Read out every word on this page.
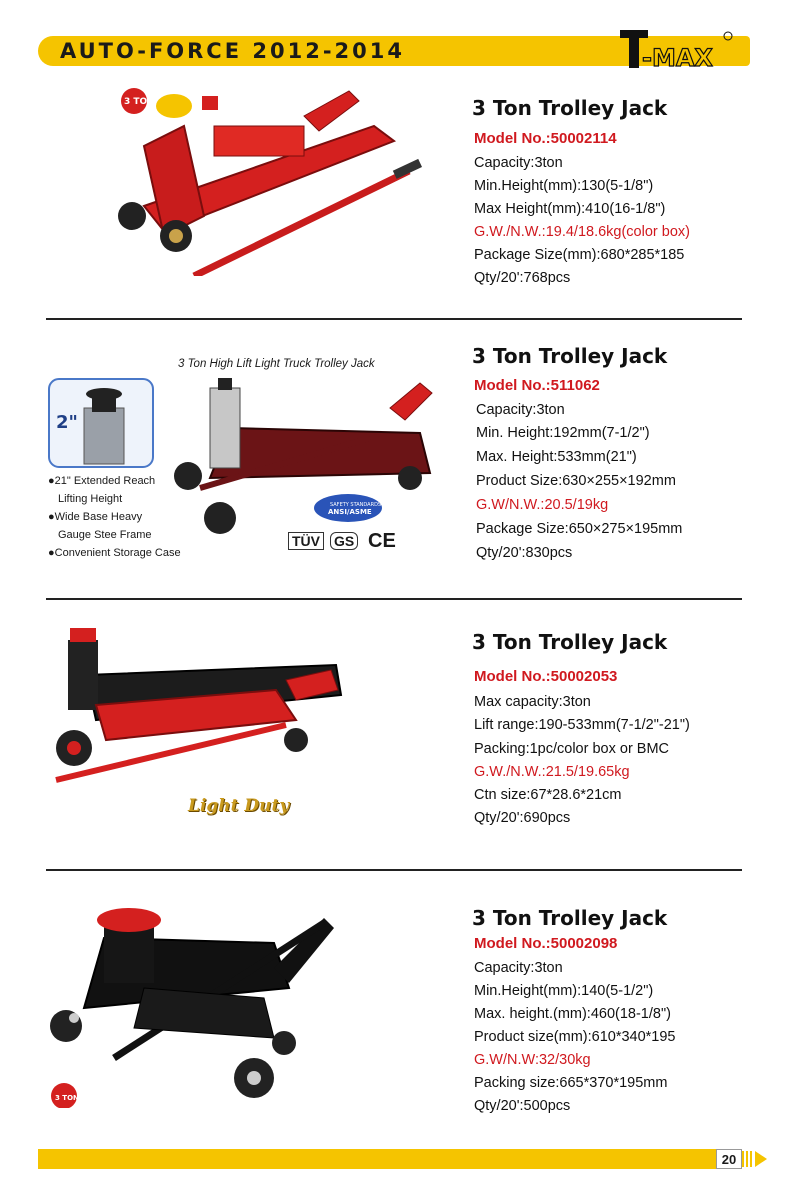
AUTO-FORCE 2012-2014	-MAX
3 TON	3 Ton Trolley Jack
Model No.:50002114
Capacity:3ton
Min.Height(mm):130(5-1/8")
Max Height(mm):410(16-1/8")
G.W./N.W.:19.4/18.6kg(color box)
Package Size(mm):680*285*185
Qty/20':768pcs
3 Ton High Lift Light Truck Trolley Jack
2"
●21" Extended Reach
Lifting Height
●Wide Base Heavy
Gauge Stee Frame
●Convenient Storage Case
SAFETY STANDARDS
ANSI/ASME
TÜV GS CE
3 Ton Trolley Jack
Model No.:511062
Capacity:3ton
Min. Height:192mm(7-1/2")
Max. Height:533mm(21")
Product Size:630×255×192mm
G.W/N.W.:20.5/19kg
Package Size:650×275×195mm
Qty/20':830pcs
Light Duty
3 Ton Trolley Jack
Model No.:50002053
Max capacity:3ton
Lift range:190-533mm(7-1/2"-21")
Packing:1pc/color box or BMC
G.W./N.W.:21.5/19.65kg
Ctn size:67*28.6*21cm
Qty/20':690pcs
3 TON
3 Ton Trolley Jack
Model No.:50002098
Capacity:3ton
Min.Height(mm):140(5-1/2")
Max. height.(mm):460(18-1/8")
Product size(mm):610*340*195
G.W/N.W:32/30kg
Packing size:665*370*195mm
Qty/20':500pcs
20
